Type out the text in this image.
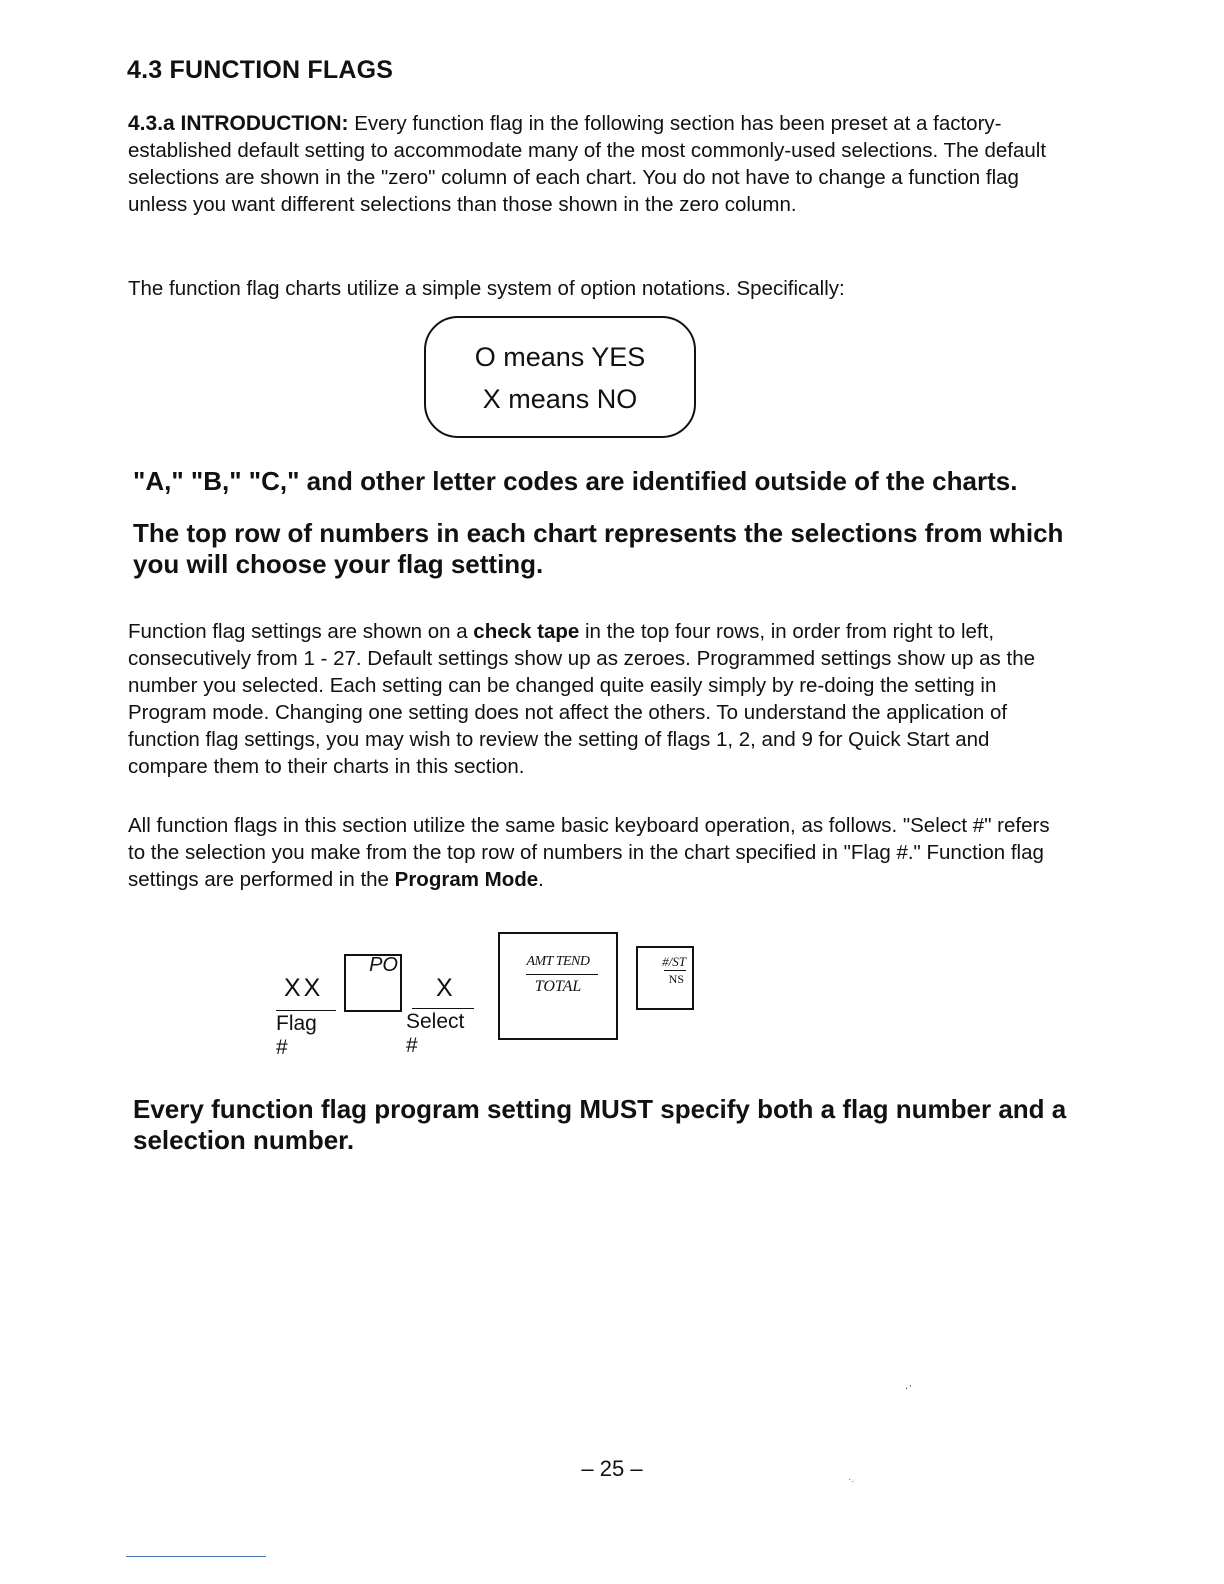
4.3 FUNCTION FLAGS

4.3.a INTRODUCTION: Every function flag in the following section has been preset at a factory-established default setting to accommodate many of the most commonly-used selections. The default selections are shown in the "zero" column of each chart. You do not have to change a function flag unless you want different selections than those shown in the zero column.

The function flag charts utilize a simple system of option notations. Specifically:

O means YES
X means NO

"A," "B," "C," and other letter codes are identified outside of the charts.

The top row of numbers in each chart represents the selections from which you will choose your flag setting.

Function flag settings are shown on a check tape in the top four rows, in order from right to left, consecutively from 1 - 27. Default settings show up as zeroes. Programmed settings show up as the number you selected. Each setting can be changed quite easily simply by re-doing the setting in Program mode. Changing one setting does not affect the others. To understand the application of function flag settings, you may wish to review the setting of flags 1, 2, and 9 for Quick Start and compare them to their charts in this section.

All function flags in this section utilize the same basic keyboard operation, as follows. "Select #" refers to the selection you make from the top row of numbers in the chart specified in "Flag #." Function flag settings are performed in the Program Mode.

XX
Flag #
PO
X
Select #
AMT TEND
TOTAL
#/ST
NS

Every function flag program setting MUST specify both a flag number and a selection number.

.·
– 25 –	·.
